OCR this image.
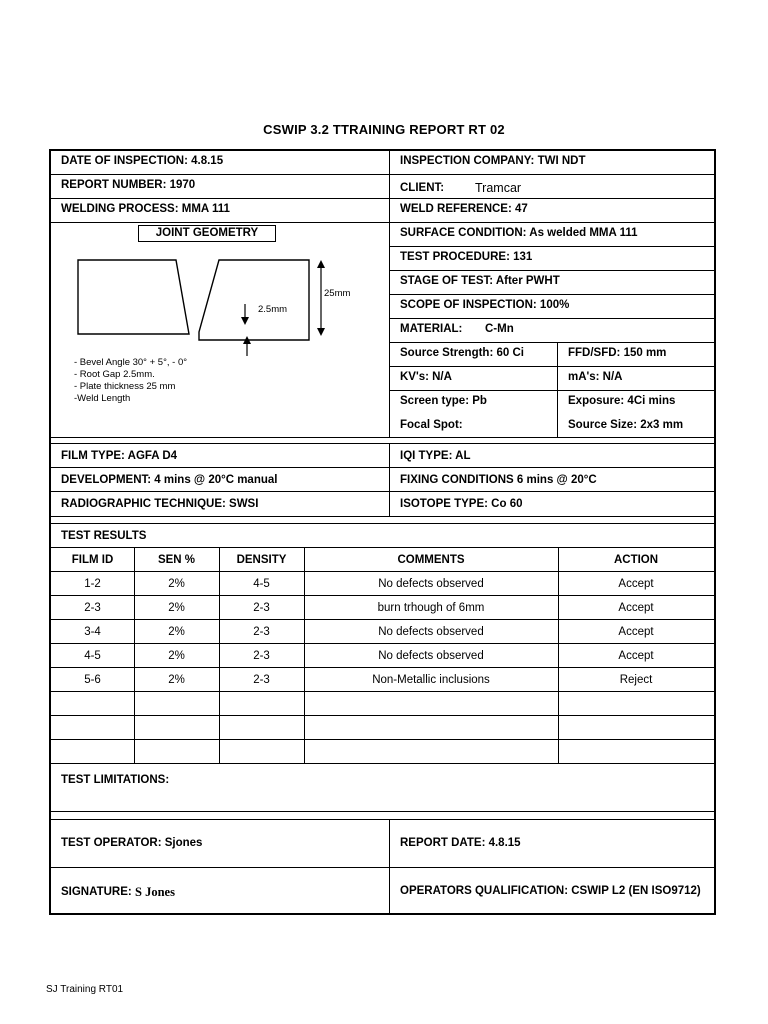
CSWIP 3.2 TTRAINING REPORT RT 02
DATE OF INSPECTION: 4.8.15	INSPECTION COMPANY: TWI NDT
REPORT NUMBER: 1970	CLIENT: Tramcar
WELDING PROCESS: MMA 111	WELD REFERENCE: 47
JOINT GEOMETRY
25mm
2.5mm
- Bevel Angle 30° + 5°, - 0°
- Root Gap 2.5mm.
- Plate thickness 25 mm
-Weld Length
SURFACE CONDITION: As welded MMA 111
TEST PROCEDURE: 131
STAGE OF TEST: After PWHT
SCOPE OF INSPECTION: 100%
MATERIAL: C-Mn
Source Strength: 60 Ci	FFD/SFD: 150 mm
KV's: N/A	mA's: N/A
Screen type: Pb	Exposure: 4Ci mins
Focal Spot:	Source Size: 2x3 mm
FILM TYPE: AGFA D4	IQI TYPE: AL
DEVELOPMENT: 4 mins @ 20°C manual	FIXING CONDITIONS 6 mins @ 20°C
RADIOGRAPHIC TECHNIQUE: SWSI	ISOTOPE TYPE: Co 60
TEST RESULTS
FILM ID	SEN %	DENSITY	COMMENTS	ACTION
1-2	2%	4-5	No defects observed	Accept
2-3	2%	2-3	burn trhough of 6mm	Accept
3-4	2%	2-3	No defects observed	Accept
4-5	2%	2-3	No defects observed	Accept
5-6	2%	2-3	Non-Metallic inclusions	Reject
TEST LIMITATIONS:
TEST OPERATOR: Sjones	REPORT DATE: 4.8.15
SIGNATURE: S Jones	OPERATORS QUALIFICATION: CSWIP L2 (EN ISO9712)
SJ Training RT01
